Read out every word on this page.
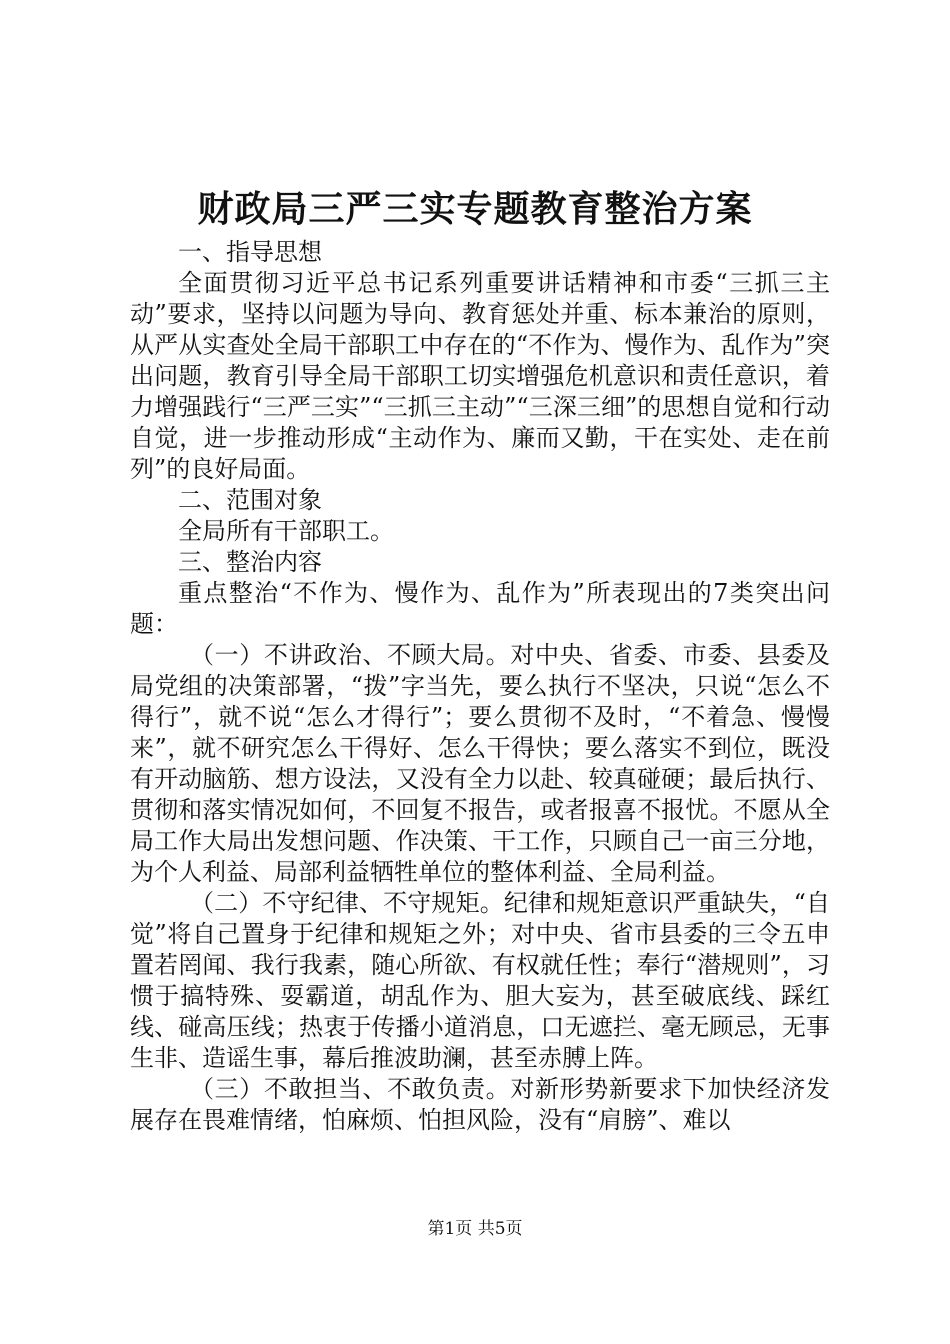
财政局三严三实专题教育整治方案

一、指导思想

全面贯彻习近平总书记系列重要讲话精神和市委“三抓三主动”要求，坚持以问题为导向、教育惩处并重、标本兼治的原则，从严从实查处全局干部职工中存在的“不作为、慢作为、乱作为”突出问题，教育引导全局干部职工切实增强危机意识和责任意识，着力增强践行“三严三实”“三抓三主动”“三深三细”的思想自觉和行动自觉，进一步推动形成“主动作为、廉而又勤，干在实处、走在前列”的良好局面。

二、范围对象

全局所有干部职工。

三、整治内容

重点整治“不作为、慢作为、乱作为”所表现出的7类突出问题：

（一）不讲政治、不顾大局。对中央、省委、市委、县委及局党组的决策部署，“拨”字当先，要么执行不坚决，只说“怎么不得行”，就不说“怎么才得行”；要么贯彻不及时，“不着急、慢慢来”，就不研究怎么干得好、怎么干得快；要么落实不到位，既没有开动脑筋、想方设法，又没有全力以赴、较真碰硬；最后执行、贯彻和落实情况如何，不回复不报告，或者报喜不报忧。不愿从全局工作大局出发想问题、作决策、干工作，只顾自己一亩三分地，为个人利益、局部利益牺牲单位的整体利益、全局利益。

（二）不守纪律、不守规矩。纪律和规矩意识严重缺失，“自觉”将自己置身于纪律和规矩之外；对中央、省市县委的三令五申置若罔闻、我行我素，随心所欲、有权就任性；奉行“潜规则”，习惯于搞特殊、耍霸道，胡乱作为、胆大妄为，甚至破底线、踩红线、碰高压线；热衷于传播小道消息，口无遮拦、毫无顾忌，无事生非、造谣生事，幕后推波助澜，甚至赤膊上阵。

（三）不敢担当、不敢负责。对新形势新要求下加快经济发展存在畏难情绪，怕麻烦、怕担风险，没有“肩膀”、难以

第1页 共5页
